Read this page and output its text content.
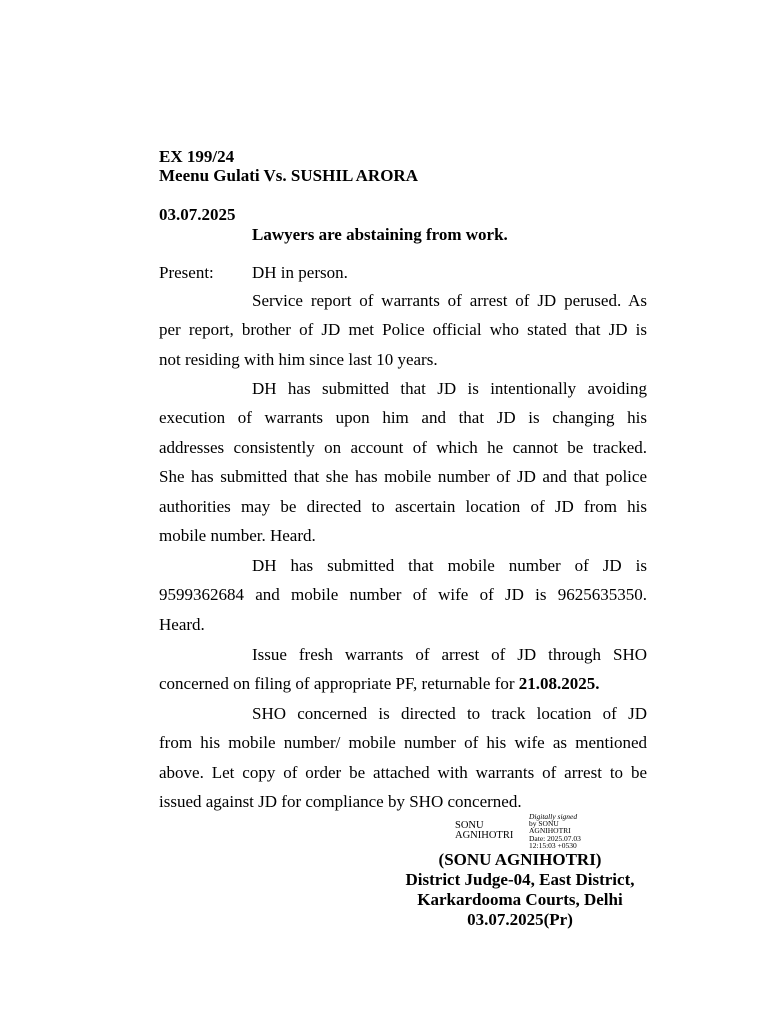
EX 199/24
Meenu Gulati Vs. SUSHIL ARORA
03.07.2025
Lawyers are abstaining from work.
Present: DH in person.
Service report of warrants of arrest of JD perused. As
per report, brother of JD met Police official who stated that JD is
not residing with him since last 10 years.
DH has submitted that JD is intentionally avoiding
execution of warrants upon him and that JD is changing his
addresses consistently on account of which he cannot be tracked.
She has submitted that she has mobile number of JD and that police
authorities may be directed to ascertain location of JD from his
mobile number. Heard.
DH has submitted that mobile number of JD is
9599362684 and mobile number of wife of JD is 9625635350.
Heard.
Issue fresh warrants of arrest of JD through SHO
concerned on filing of appropriate PF, returnable for 21.08.2025.
SHO concerned is directed to track location of JD
from his mobile number/ mobile number of his wife as mentioned
above. Let copy of order be attached with warrants of arrest to be
issued against JD for compliance by SHO concerned.
SONU
AGNIHOTRI
Digitally signed
by SONU
AGNIHOTRI
Date: 2025.07.03
12:15:03 +0530
(SONU AGNIHOTRI)
District Judge-04, East District,
Karkardooma Courts, Delhi
03.07.2025(Pr)
